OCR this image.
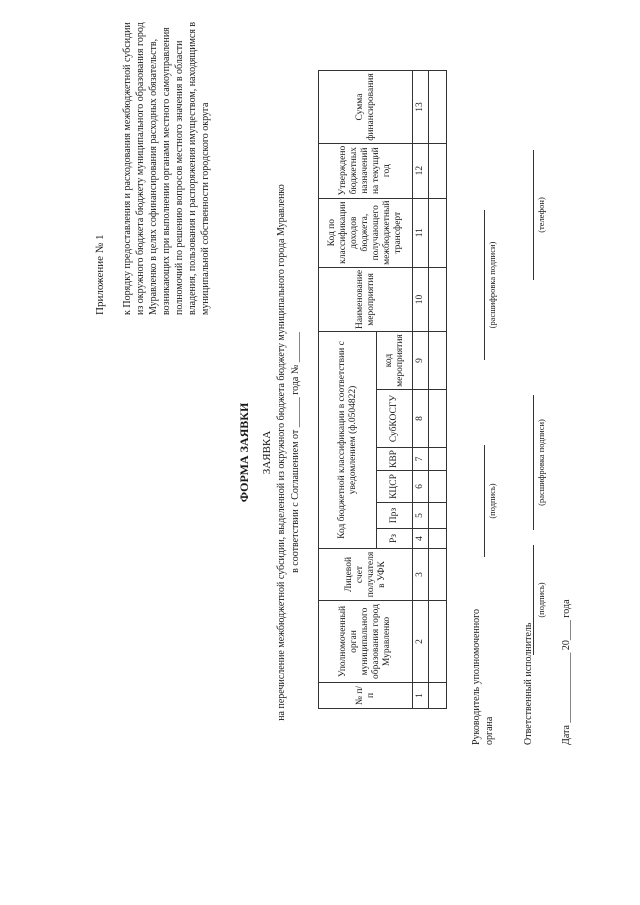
Приложение № 1 к Порядку предоставления и расходования межбюджетной субсидии из окружного бюджета бюджету муниципального образования город Муравленко в целях софинансирования расходных обязательств, возникающих при выполнении органами местного самоуправления полномочий по решению вопросов местного значения в области владения, пользования и распоряжения имуществом, находящимся в муниципальной собственности городского округа
ФОРМА ЗАЯВКИ ЗАЯВКА на перечисление межбюджетной субсидии, выделенной из окружного бюджета бюджету муниципального города Муравленко в соответствии с Соглашением от ______ года № ______
№ п/п	Уполномоченный орган муниципального образования город Муравленко	Лицевой счет получателя в УФК	Код бюджетной классификации в соответствии с уведомлением (ф.0504822)						Наименование мероприятия	Код по классификации доходов бюджета, получающего межбюджетный трансферт	Утверждено бюджетных назначений на текущий год	Сумма финансирования
			Рз	Прз	КЦСР	КВР	СубКОСГУ	код мероприятия				
1	2	3	4	5	6	7	8	9	10	11	12	13

Руководитель уполномоченного органа
(подпись)
(расшифровка подписи)
Ответственный исполнитель
(подпись)
(расшифровка подписи)
(телефон)
Дата ______________ 20____ года
